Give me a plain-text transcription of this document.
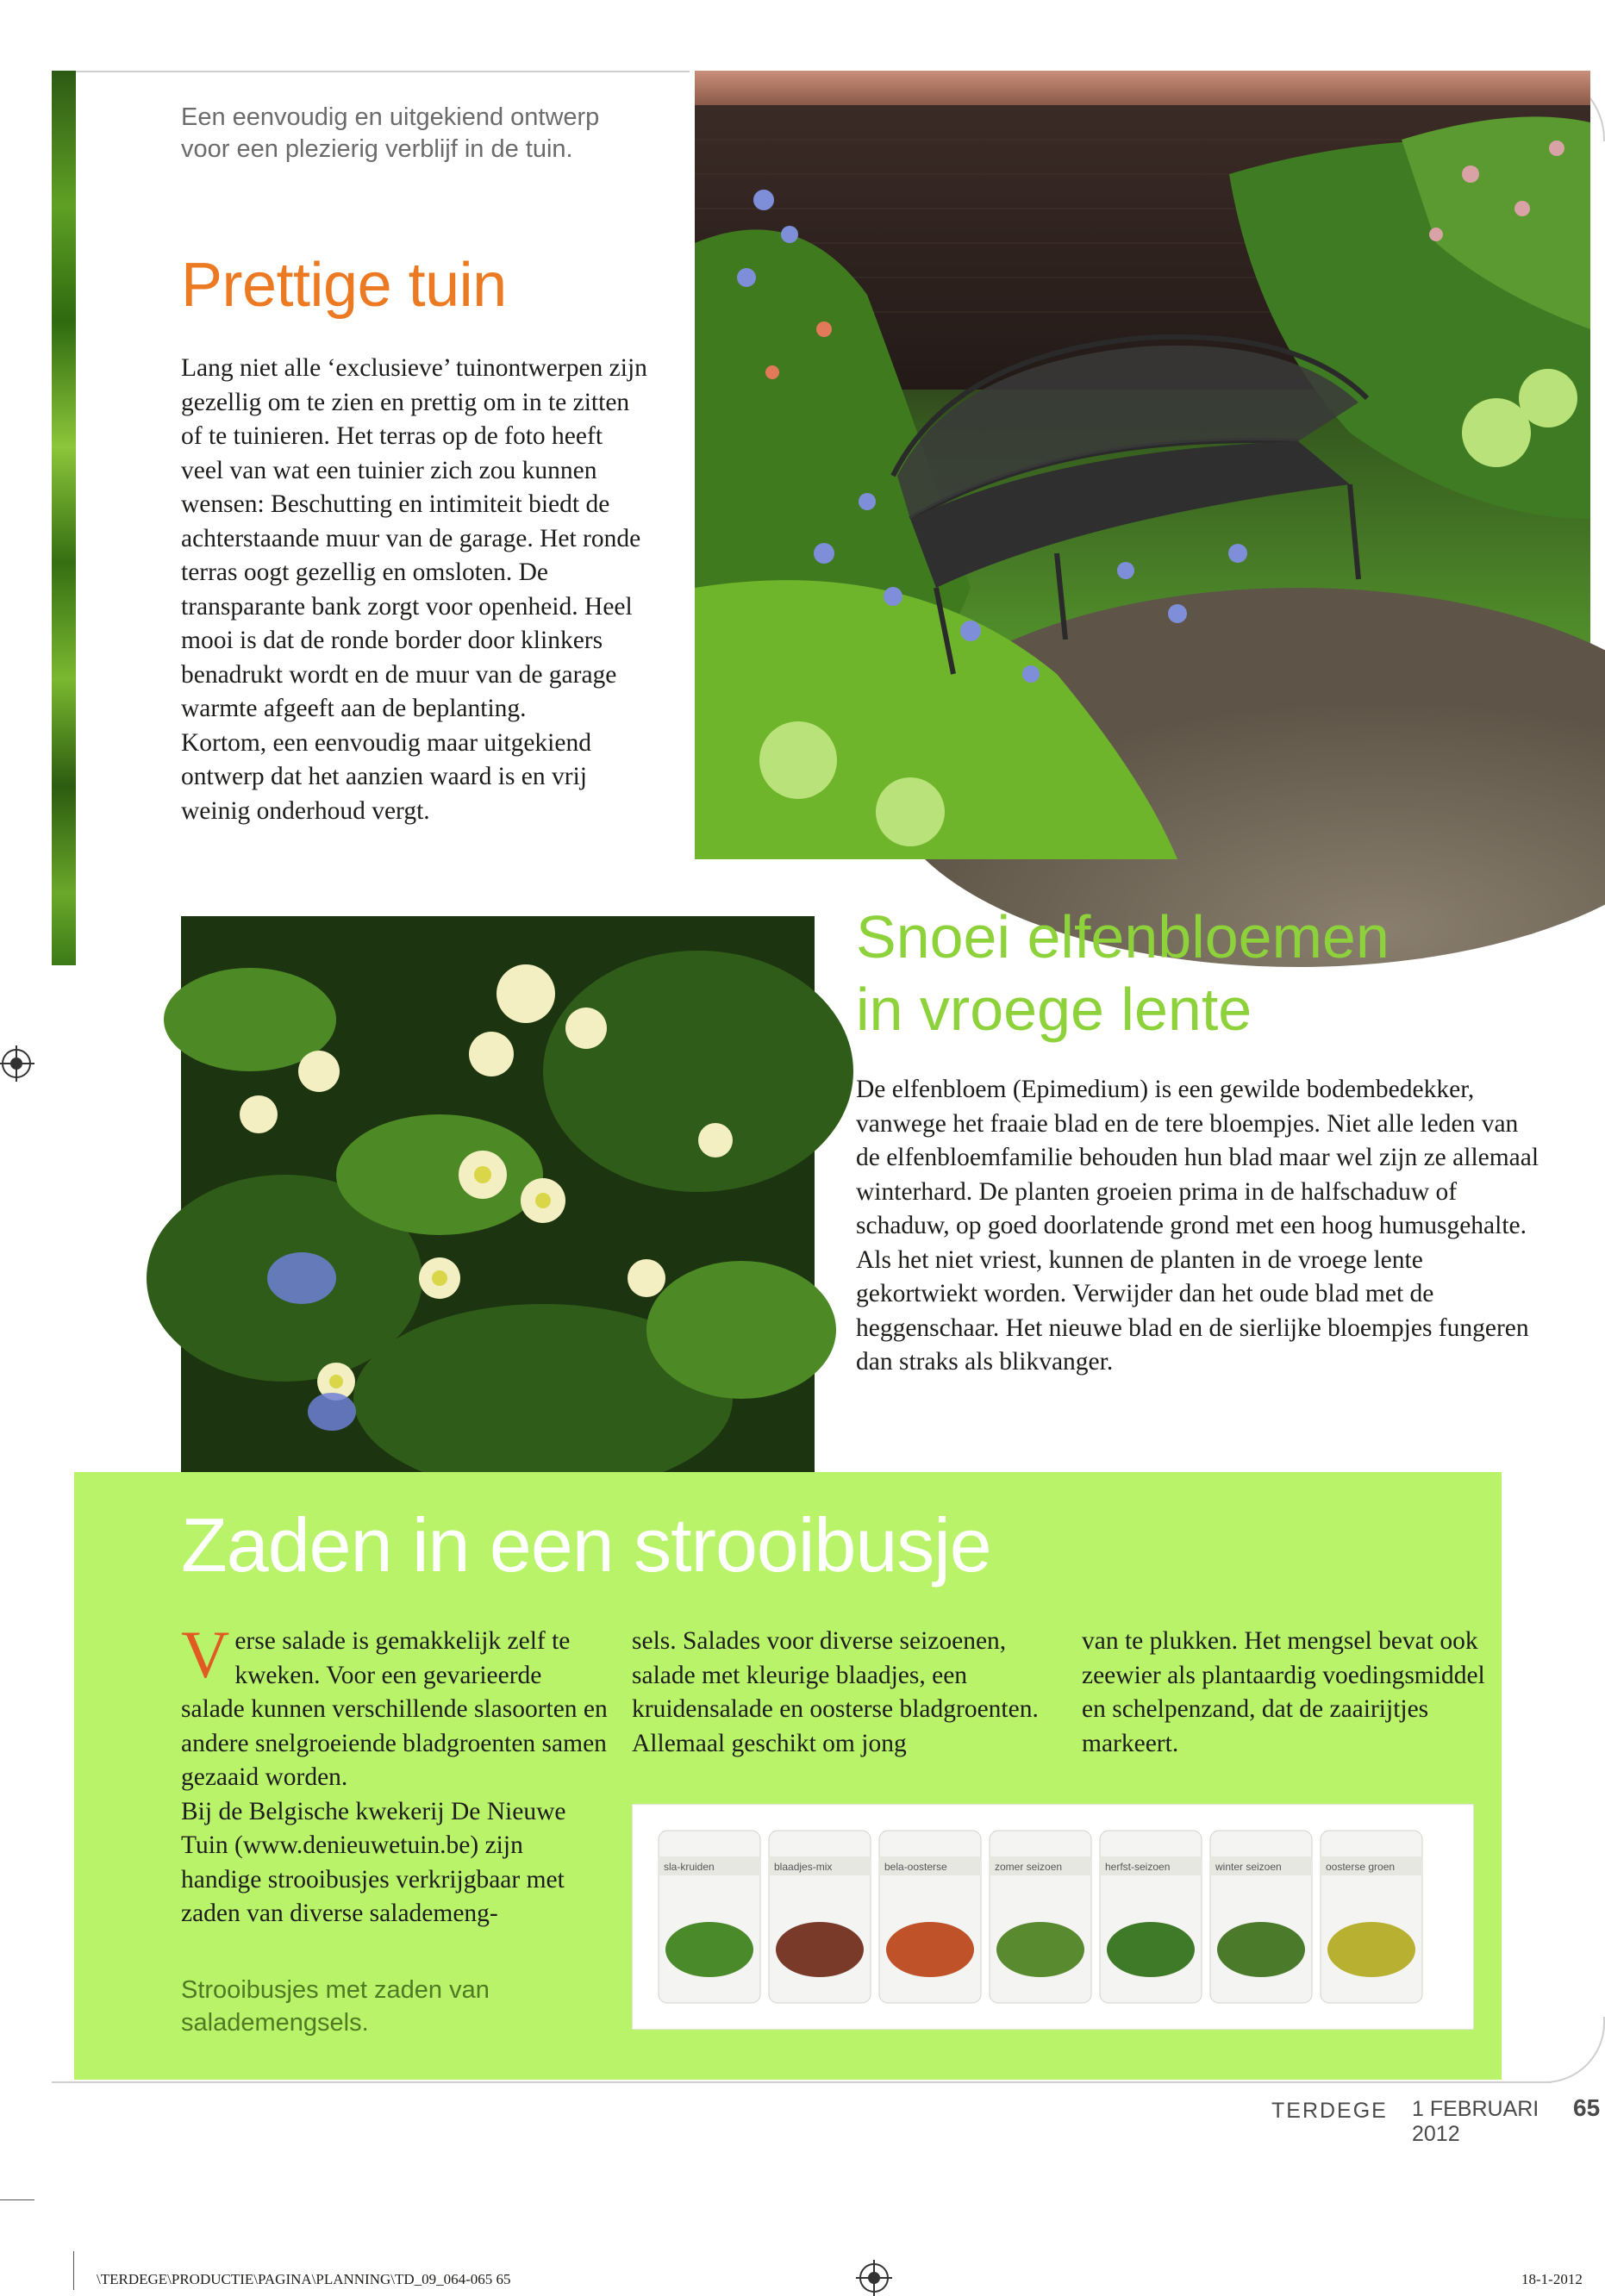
Een eenvoudig en uitgekiend ontwerp
voor een plezierig verblijf in de tuin.
Prettige tuin

Lang niet alle ‘exclusieve’ tuinontwerpen zijn gezellig om te zien en prettig om in te zitten of te tuinieren. Het terras op de foto heeft veel van wat een tuinier zich zou kunnen wensen: Beschutting en intimiteit biedt de achterstaande muur van de garage. Het ronde terras oogt gezellig en omsloten. De transparante bank zorgt voor openheid. Heel mooi is dat de ronde border door klinkers benadrukt wordt en de muur van de garage warmte afgeeft aan de beplanting.

Kortom, een eenvoudig maar uitgekiend ontwerp dat het aanzien waard is en vrij weinig onderhoud vergt.

Snoei elfenbloemen
in vroege lente

De elfenbloem (Epimedium) is een gewilde bodembedekker, vanwege het fraaie blad en de tere bloempjes. Niet alle leden van de elfenbloemfamilie behouden hun blad maar wel zijn ze allemaal winterhard. De planten groeien prima in de halfschaduw of schaduw, op goed doorlatende grond met een hoog humusgehalte.

Als het niet vriest, kunnen de planten in de vroege lente gekortwiekt worden. Verwijder dan het oude blad met de heggenschaar. Het nieuwe blad en de sierlijke bloempjes fungeren dan straks als blikvanger.

Zaden in een strooibusje
V erse salade is gemakkelijk zelf te kweken. Voor een gevarieerde salade kunnen verschillende slasoorten en andere snelgroeiende bladgroenten samen gezaaid worden.
Bij de Belgische kwekerij De Nieuwe Tuin (www.denieuwetuin.be) zijn handige strooibusjes verkrijgbaar met zaden van diverse salademeng-
sels. Salades voor diverse seizoenen, salade met kleurige blaadjes, een kruidensalade en oosterse bladgroenten. Allemaal geschikt om jong
van te plukken. Het mengsel bevat ook zeewier als plantaardig voedingsmiddel en schelpenzand, dat de zaairijtjes markeert.
Strooibusjes met zaden van salademengsels.
sla-kruiden	blaadjes-mix	bela-oosterse	zomer seizoen	herfst-seizoen	winter seizoen	oosterse groen
TERDEGE 1 FEBRUARI 2012
65
\TERDEGE\PRODUCTIE\PAGINA\PLANNING\TD_09_064-065 65	18-1-2012
